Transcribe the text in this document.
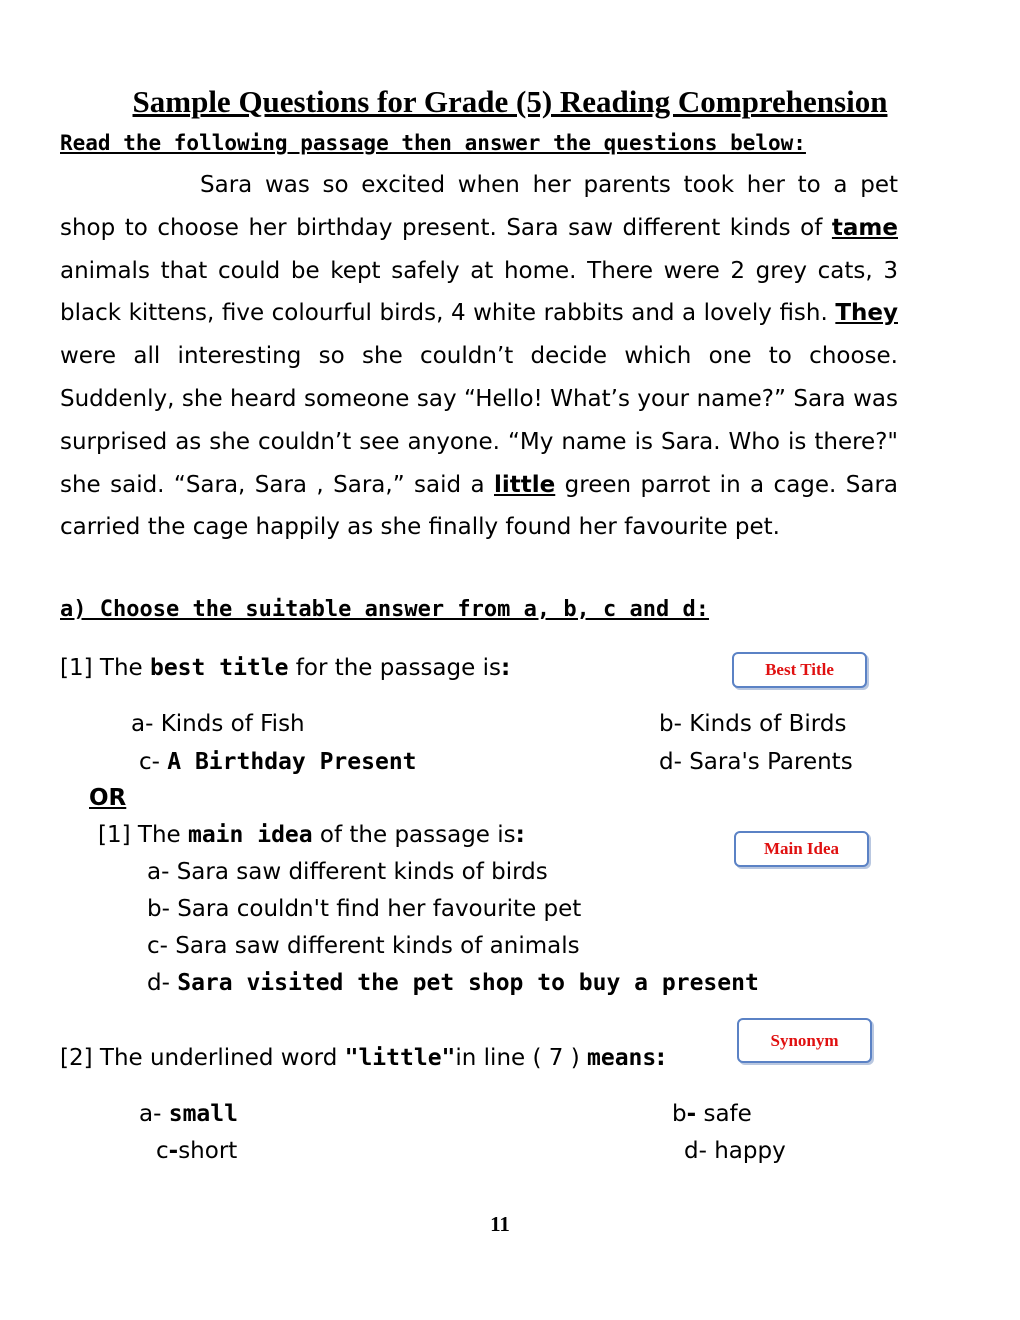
Sample Questions for Grade (5) Reading Comprehension
Read the following passage then answer the questions below:

Sara was so excited when her parents took her to a pet shop to choose her birthday present. Sara saw different kinds of tame animals that could be kept safely at home. There were 2 grey cats, 3 black kittens, five colourful birds, 4 white rabbits and a lovely fish. They were all interesting so she couldn’t decide which one to choose. Suddenly, she heard someone say “Hello! What’s your name?” Sara was surprised as she couldn’t see anyone. “My name is Sara. Who is there?" she said. “Sara, Sara , Sara,” said a little green parrot in a cage. Sara carried the cage happily as she finally found her favourite pet.

a) Choose the suitable answer from a, b, c and d:
[1] The best title for the passage is:	Best Title
a- Kinds of Fish	b- Kinds of Birds
c- A Birthday Present	d- Sara's Parents
OR
[1] The main idea of the passage is:
Main Idea
a- Sara saw different kinds of birds
b- Sara couldn't find her favourite pet
c- Sara saw different kinds of animals
d- Sara visited the pet shop to buy a present
Synonym
[2] The underlined word "little"in line ( 7 ) means:
a- small	b- safe
c-short	d- happy
11
